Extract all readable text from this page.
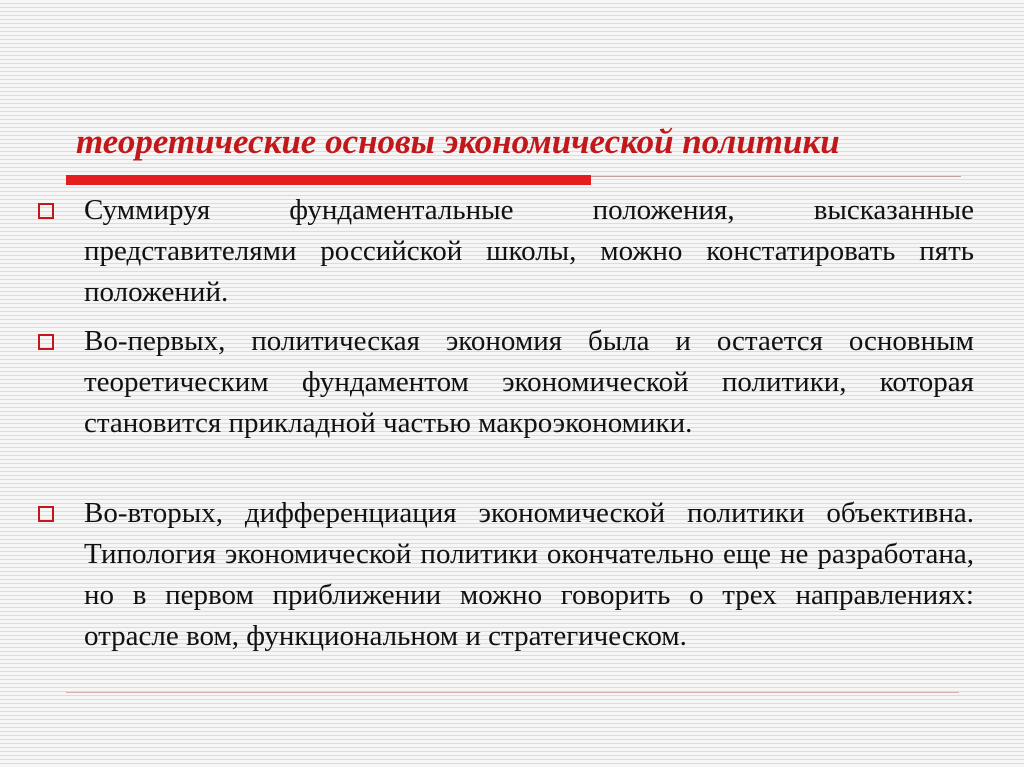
теоретические основы экономической политики

Суммируя фундаментальные положения, высказанные представителями российской школы, можно констатировать пять положений.

Во-первых, политическая экономия была и остается основным теоретическим фундаментом экономической политики, которая становится прикладной частью макроэкономики.

Во-вторых, дифференциация экономической политики объективна. Типология экономической политики окончательно еще не разработана, но в первом приближении можно говорить о трех направлениях: отрасле вом, функциональном и стратегическом.
